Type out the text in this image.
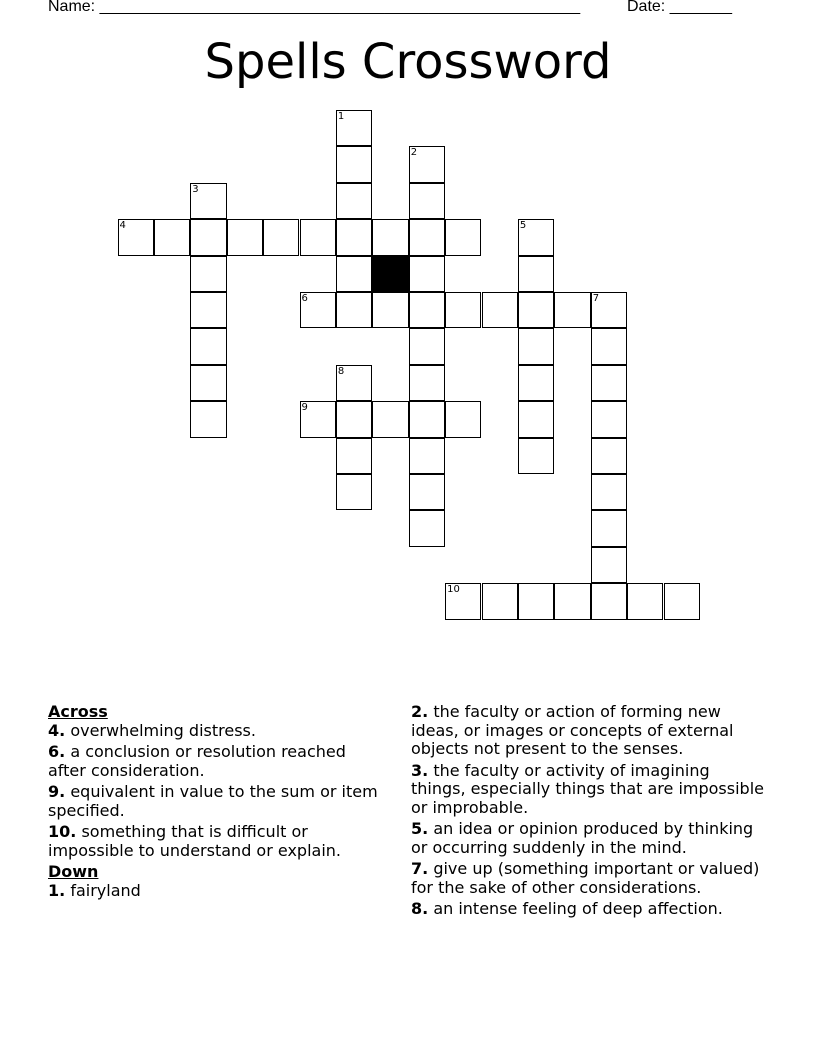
Name: ______________________________________________________	Date: _______
Spells Crossword
1
2
3
4	5
6	7
8
9
10
Across
4. overwhelming distress.
6. a conclusion or resolution reached after consideration.
9. equivalent in value to the sum or item specified.
10. something that is difficult or impossible to understand or explain.
Down
1. fairyland
2. the faculty or action of forming new ideas, or images or concepts of external objects not present to the senses.
3. the faculty or activity of imagining things, especially things that are impossible or improbable.
5. an idea or opinion produced by thinking or occurring suddenly in the mind.
7. give up (something important or valued) for the sake of other considerations.
8. an intense feeling of deep affection.
